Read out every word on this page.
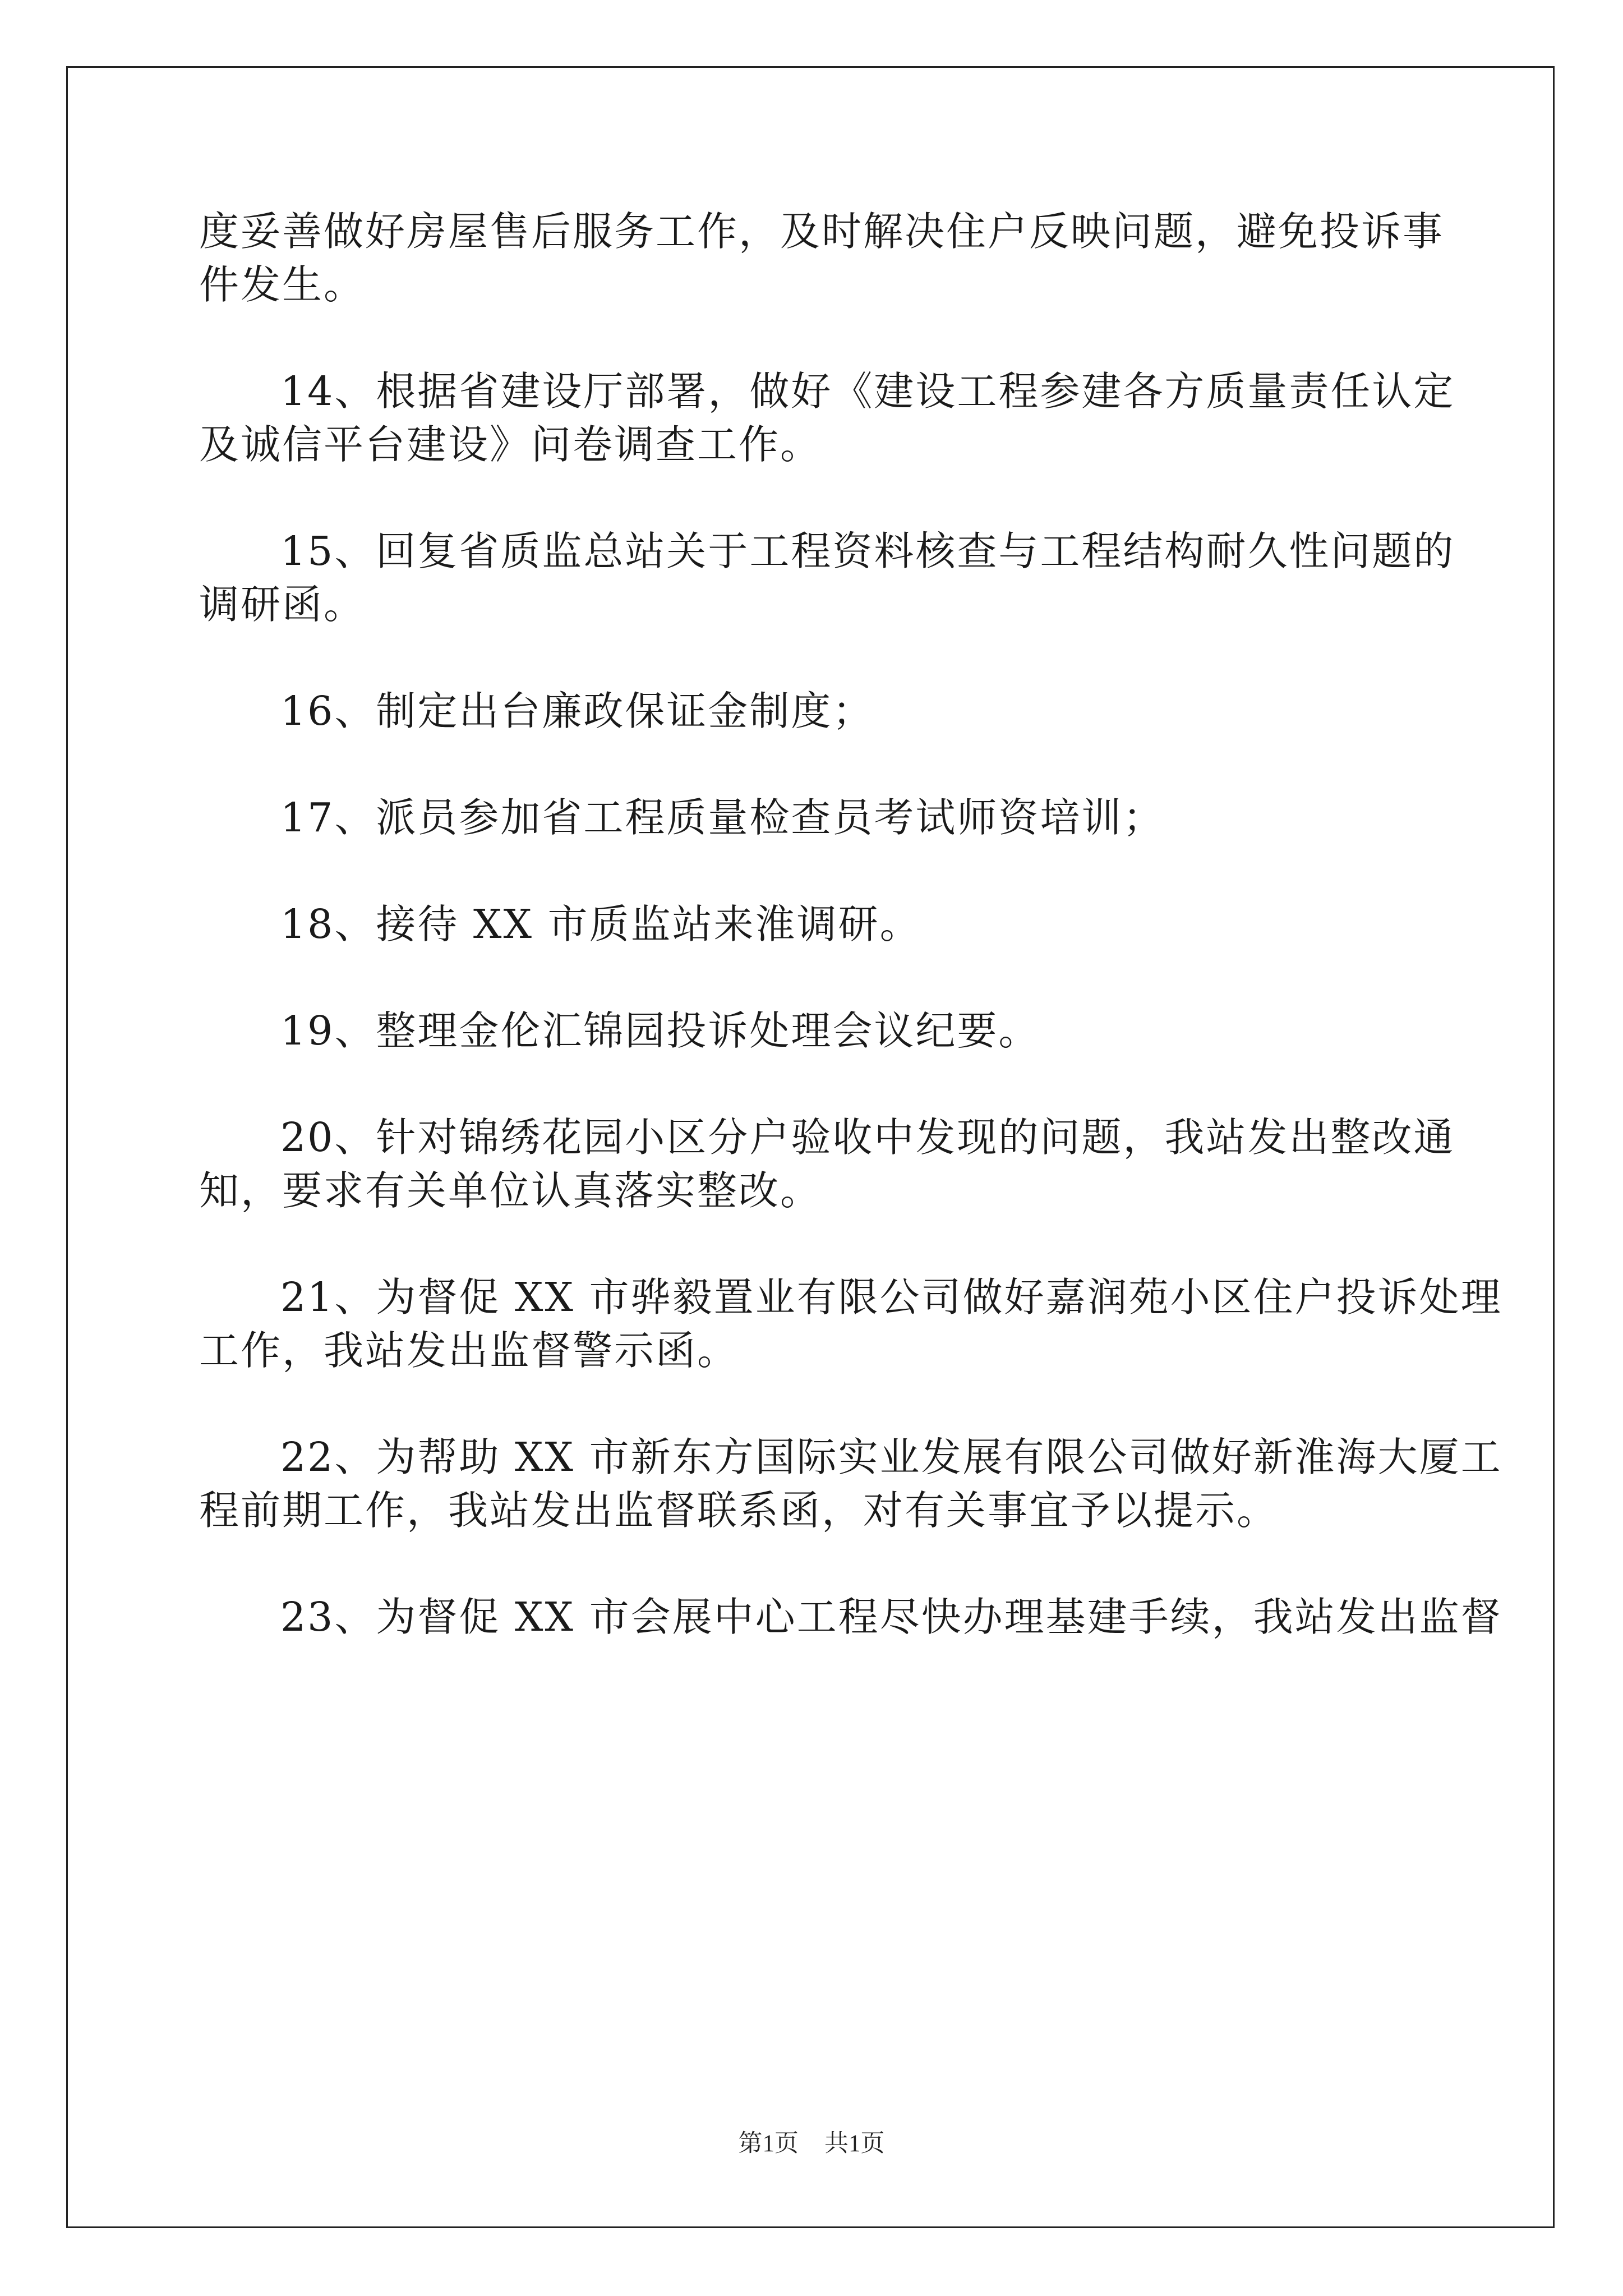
度妥善做好房屋售后服务工作，及时解决住户反映问题，避免投诉事
件发生。
14、根据省建设厅部署，做好《建设工程参建各方质量责任认定
及诚信平台建设》问卷调查工作。
15、回复省质监总站关于工程资料核查与工程结构耐久性问题的
调研函。
16、制定出台廉政保证金制度；
17、派员参加省工程质量检查员考试师资培训；
18、接待 XX 市质监站来淮调研。
19、整理金伦汇锦园投诉处理会议纪要。
20、针对锦绣花园小区分户验收中发现的问题，我站发出整改通
知，要求有关单位认真落实整改。
21、为督促 XX 市骅毅置业有限公司做好嘉润苑小区住户投诉处理
工作，我站发出监督警示函。
22、为帮助 XX 市新东方国际实业发展有限公司做好新淮海大厦工
程前期工作，我站发出监督联系函，对有关事宜予以提示。
23、为督促 XX 市会展中心工程尽快办理基建手续，我站发出监督
第1页 共1页
